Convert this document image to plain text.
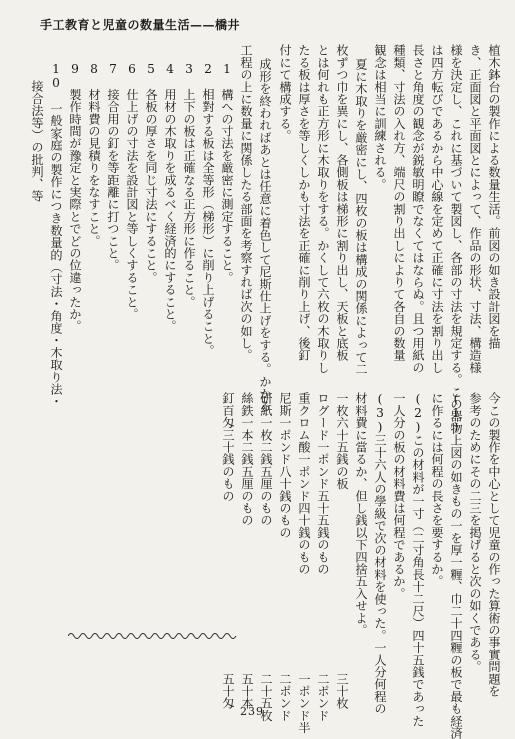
手工教育と児童の数量生活——橋井
植木鉢台の製作による数量生活。前図の如き設計図を描
き、正面図と平面図とによって、作品の形状、寸法、構造様
様を決定し、これに基づいて製図し、各部の寸法を規定する。この器物
は四方転びであるから中心線を定めて正確に寸法を割り出し
長さと角度の観念が鋭敏明瞭でなくてはならぬ。且つ用紙の
種類、寸法の入れ方、端尺の割り出しによりて各自の数量
観念は相当に訓練される。
夏に木取りを厳密にし、四枚の板は構成の関係によって二
枚ずつ巾を異にし、各側板は梯形に割り出し、天板と底板
とは何れも正方形に木取りをする。かくして六枚の木取りし
たる板は厚さを等しくしかも寸法を正確に削り上げ、後釘
付にて構成する。
成形を終わればあとは任意に着色して尼斯仕上げをする。かかる
工程の上に数量に関係したる部面を考察すれば次の如し。
1　構への寸法を厳密に測定すること。
2　相對する板は全等形（梯形）に削り上げること。
3　上下の板は正確なる正方形に作ること。
4　用材の木取りを成るべく経済的にすること。
5　各板の厚さを同じ寸法にすること。
6　仕上げの寸法を設計図と等しくすること。
7　接合用の釘を等距離に打つこと。
8　材料費の見積りをなすこと。
9　製作時間が豫定と実際とでどの位違ったか。
10　一般家庭の製作につき数量的（寸法・角度・木取り法・
接合法等）の批判、等
今この製作を中心として児童の作った算術の事實問題を
参考のためにその二三を掲げると次の如くである。
(1)上図の如きもの一を厚一糎、巾二十四糎の板で最も経済
に作るには何程の長さを要するか。
(2)この材料が一寸（二寸角長十二尺）四十五銭であった
一人分の板の材料費は何程であるか。
(3)三十六人の學級で次の材料を使った。一人分何程の
材料費に當るか、但し銭以下四捨五入せよ。
一枚六十五銭の板　　　　　　　　　　　　　　　三十枚
ログード一ポンド五十五銭のもの　　　　　　　　二ポンド
重クロム酸一ポンド四十銭のもの　　　　　　　　一ポンド半
尼斯一ポンド八十銭のもの　　　　　　　　　　　二ポンド
研紙一枚二銭五厘のもの　　　　　　　　　　　　二十五枚
絲鉄一本二銭五厘のもの　　　　　　　　　　　　五十本
釘百匁三十銭のもの　　　　　　　　　　　　　　五十匁
239
